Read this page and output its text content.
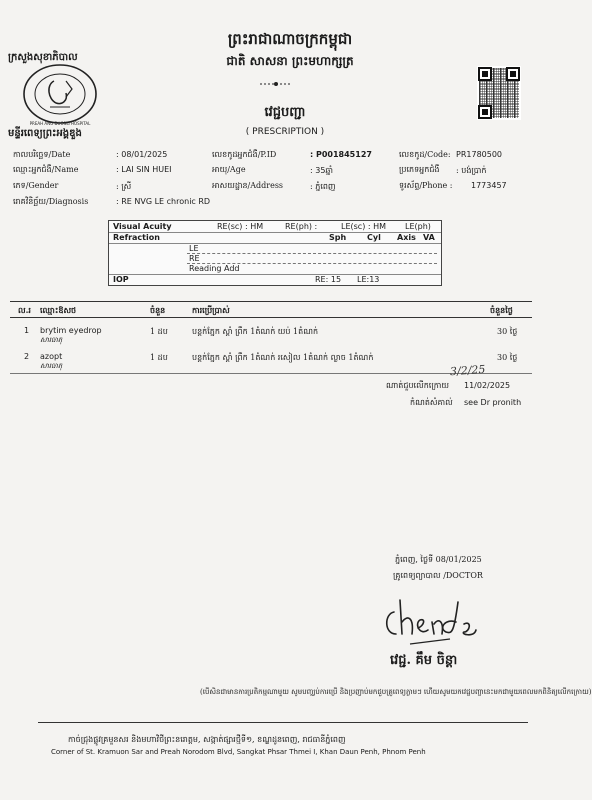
ព្រះរាជាណាចក្រកម្ពុជា
ជាតិ សាសនា ព្រះមហាក្សត្រ
ក្រសួងសុខាភិបាល
PREAH ANG DUONG HOSPITAL
មន្ទីរពេទ្យព្រះអង្គឌួង
វេជ្ជបញ្ជា
( PRESCRIPTION )
កាលបរិច្ឆេទ/Date	: 08/01/2025	លេខកូដអ្នកជំងឺ/P.ID	: P001845127	លេខកូដ/Code: PR1780500
ឈ្មោះអ្នកជំងឺ/Name	: LAI SIN HUEI	អាយុ/Age	: 35ឆ្នាំ	ប្រភេទអ្នកជំងឺ : បង់ប្រាក់
ភេទ/Gender	: ស្រី	អាសយដ្ឋាន/Address	: ភ្នំពេញ	ទូរស័ព្ទ/Phone : 1773457
រោគវិនិច្ឆ័យ/Diagnosis	: RE NVG LE chronic RD
Visual Acuity	RE(sc) : HM	RE(ph) :	LE(sc) : HM LE(ph)
Refraction	Sph	Cyl Axis VA
LE
RE
Reading Add
IOP	RE: 15 LE:13
ល.រ ឈ្មោះឱសថ	ចំនួន	ការប្រើប្រាស់	ចំនួនថ្ងៃ
1 brytim eyedrop
សារធាតុ
1 ដប	បន្តក់ភ្នែក ស្ដាំ ព្រឹក 1តំណក់ យប់ 1តំណក់	30 ថ្ងៃ
2 azopt
សារធាតុ
1 ដប	បន្តក់ភ្នែក ស្ដាំ ព្រឹក 1តំណក់ រសៀល 1តំណក់ ល្ងាច 1តំណក់	30 ថ្ងៃ
3/2/25
ណាត់ជួបលើកក្រោយ 11/02/2025
កំណត់សំគាល់ see Dr pronith
ភ្នំពេញ, ថ្ងៃទី 08/01/2025
គ្រូពេទ្យព្យាបាល /DOCTOR
វេជ្ជ. គឹម ចិន្តា
(បើសិនជាមានការប្រតិកម្មណាមួយ សូមបញ្ឈប់ការប្រើ និងប្រញាប់មកជួបគ្រូពេទ្យភ្លាមៗ ហើយសូមយកវេជ្ជបញ្ជានេះមកជាមួយពេលមកពិនិត្យលើកក្រោយ)
កាច់ជ្រុងផ្លូវគ្រមួនសរ និងមហាវិថីព្រះនរោត្តម, សង្កាត់ផ្សារថ្មីទី១, ខណ្ឌដូនពេញ, រាជធានីភ្នំពេញ
Corner of St. Kramuon Sar and Preah Norodom Blvd, Sangkat Phsar Thmei I, Khan Daun Penh, Phnom Penh
